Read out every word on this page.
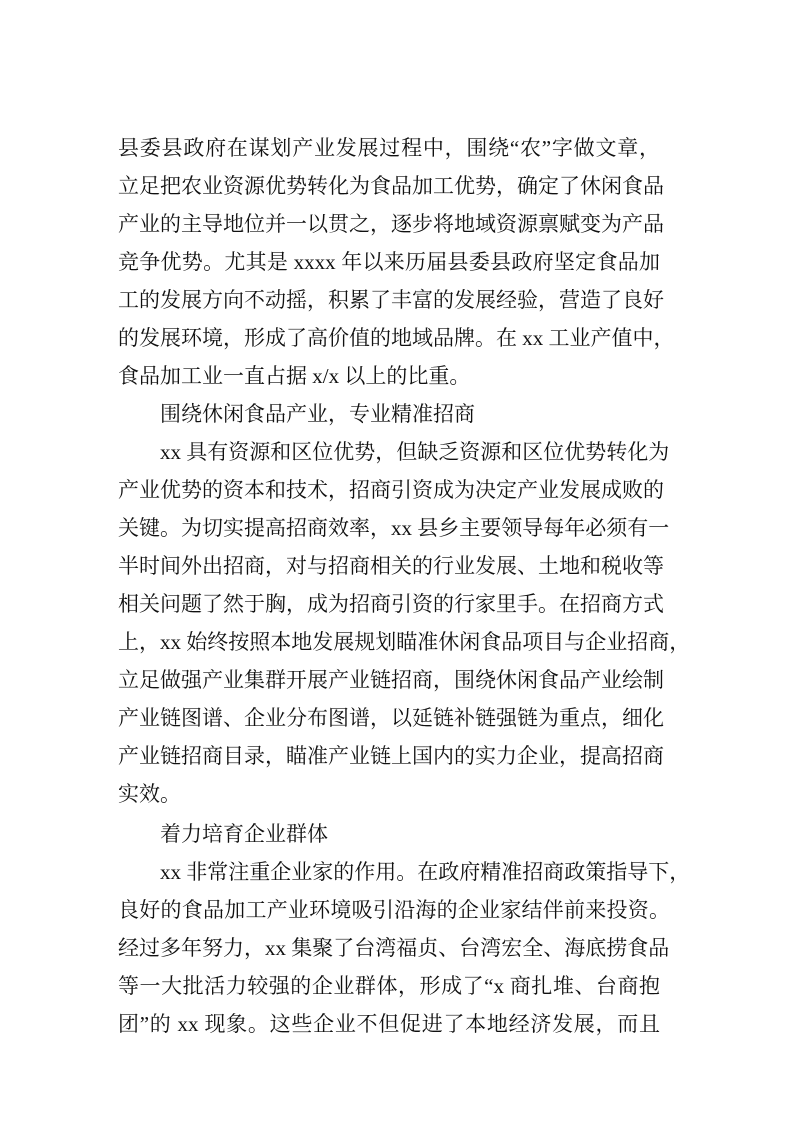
县委县政府在谋划产业发展过程中，围绕“农”字做文章，
立足把农业资源优势转化为食品加工优势，确定了休闲食品
产业的主导地位并一以贯之，逐步将地域资源禀赋变为产品
竞争优势。尤其是 xxxx 年以来历届县委县政府坚定食品加
工的发展方向不动摇，积累了丰富的发展经验，营造了良好
的发展环境，形成了高价值的地域品牌。在 xx 工业产值中，
食品加工业一直占据 x/x 以上的比重。
围绕休闲食品产业，专业精准招商
xx 具有资源和区位优势，但缺乏资源和区位优势转化为
产业优势的资本和技术，招商引资成为决定产业发展成败的
关键。为切实提高招商效率，xx 县乡主要领导每年必须有一
半时间外出招商，对与招商相关的行业发展、土地和税收等
相关问题了然于胸，成为招商引资的行家里手。在招商方式
上，xx 始终按照本地发展规划瞄准休闲食品项目与企业招商，
立足做强产业集群开展产业链招商，围绕休闲食品产业绘制
产业链图谱、企业分布图谱，以延链补链强链为重点，细化
产业链招商目录，瞄准产业链上国内的实力企业，提高招商
实效。
着力培育企业群体
xx 非常注重企业家的作用。在政府精准招商政策指导下，
良好的食品加工产业环境吸引沿海的企业家结伴前来投资。
经过多年努力，xx 集聚了台湾福贞、台湾宏全、海底捞食品
等一大批活力较强的企业群体，形成了“x 商扎堆、台商抱
团”的 xx 现象。这些企业不但促进了本地经济发展，而且
